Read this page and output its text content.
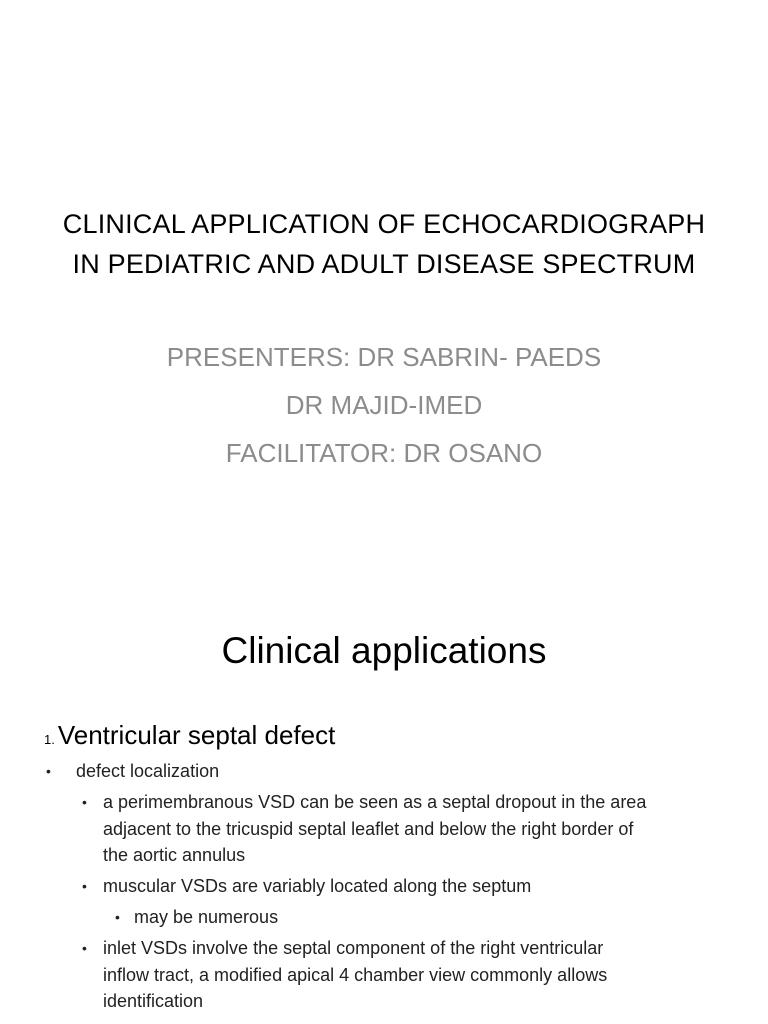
CLINICAL APPLICATION OF ECHOCARDIOGRAPH
IN PEDIATRIC AND ADULT DISEASE SPECTRUM
PRESENTERS: DR SABRIN- PAEDS
DR MAJID-IMED
FACILITATOR: DR OSANO
Clinical applications
1. Ventricular septal defect
• defect localization
• a perimembranous VSD can be seen as a septal dropout in the area
adjacent to the tricuspid septal leaflet and below the right border of
the aortic annulus
• muscular VSDs are variably located along the septum
• may be numerous
• inlet VSDs involve the septal component of the right ventricular
inflow tract, a modified apical 4 chamber view commonly allows
identification
